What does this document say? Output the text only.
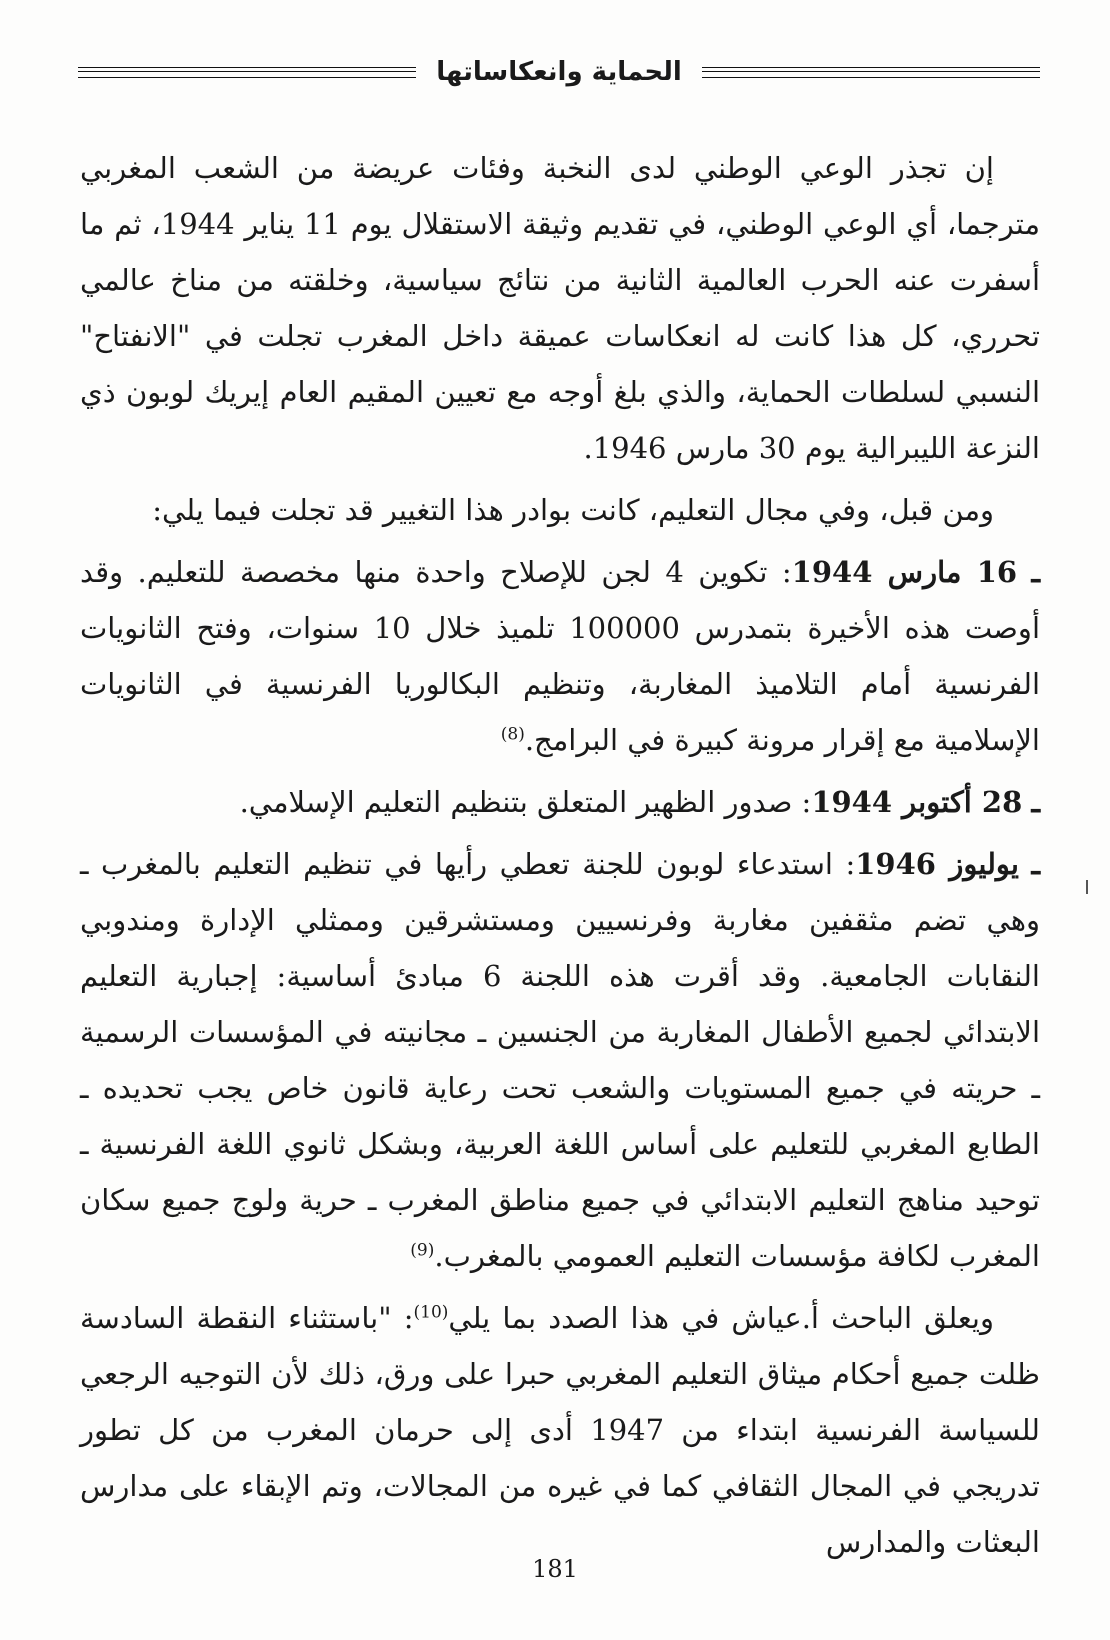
الحماية وانعكاساتها

إن تجذر الوعي الوطني لدى النخبة وفئات عريضة من الشعب المغربي مترجما، أي الوعي الوطني، في تقديم وثيقة الاستقلال يوم 11 يناير 1944، ثم ما أسفرت عنه الحرب العالمية الثانية من نتائج سياسية، وخلقته من مناخ عالمي تحرري، كل هذا كانت له انعكاسات عميقة داخل المغرب تجلت في "الانفتاح" النسبي لسلطات الحماية، والذي بلغ أوجه مع تعيين المقيم العام إيريك لوبون ذي النزعة الليبرالية يوم 30 مارس 1946.

ومن قبل، وفي مجال التعليم، كانت بوادر هذا التغيير قد تجلت فيما يلي:

ـ 16 مارس 1944: تكوين 4 لجن للإصلاح واحدة منها مخصصة للتعليم. وقد أوصت هذه الأخيرة بتمدرس 100000 تلميذ خلال 10 سنوات، وفتح الثانويات الفرنسية أمام التلاميذ المغاربة، وتنظيم البكالوريا الفرنسية في الثانويات الإسلامية مع إقرار مرونة كبيرة في البرامج.$^{(8)}$

ـ 28 أكتوبر 1944: صدور الظهير المتعلق بتنظيم التعليم الإسلامي.

ـ يوليوز 1946: استدعاء لوبون للجنة تعطي رأيها في تنظيم التعليم بالمغرب ـ وهي تضم مثقفين مغاربة وفرنسيين ومستشرقين وممثلي الإدارة ومندوبي النقابات الجامعية. وقد أقرت هذه اللجنة 6 مبادئ أساسية: إجبارية التعليم الابتدائي لجميع الأطفال المغاربة من الجنسين ـ مجانيته في المؤسسات الرسمية ـ حريته في جميع المستويات والشعب تحت رعاية قانون خاص يجب تحديده ـ الطابع المغربي للتعليم على أساس اللغة العربية، وبشكل ثانوي اللغة الفرنسية ـ توحيد مناهج التعليم الابتدائي في جميع مناطق المغرب ـ حرية ولوج جميع سكان المغرب لكافة مؤسسات التعليم العمومي بالمغرب.$^{(9)}$

ويعلق الباحث أ.عياش في هذا الصدد بما يلي$^{(10)}$: "باستثناء النقطة السادسة ظلت جميع أحكام ميثاق التعليم المغربي حبرا على ورق، ذلك لأن التوجيه الرجعي للسياسة الفرنسية ابتداء من 1947 أدى إلى حرمان المغرب من كل تطور تدريجي في المجال الثقافي كما في غيره من المجالات، وتم الإبقاء على مدارس البعثات والمدارس

181
